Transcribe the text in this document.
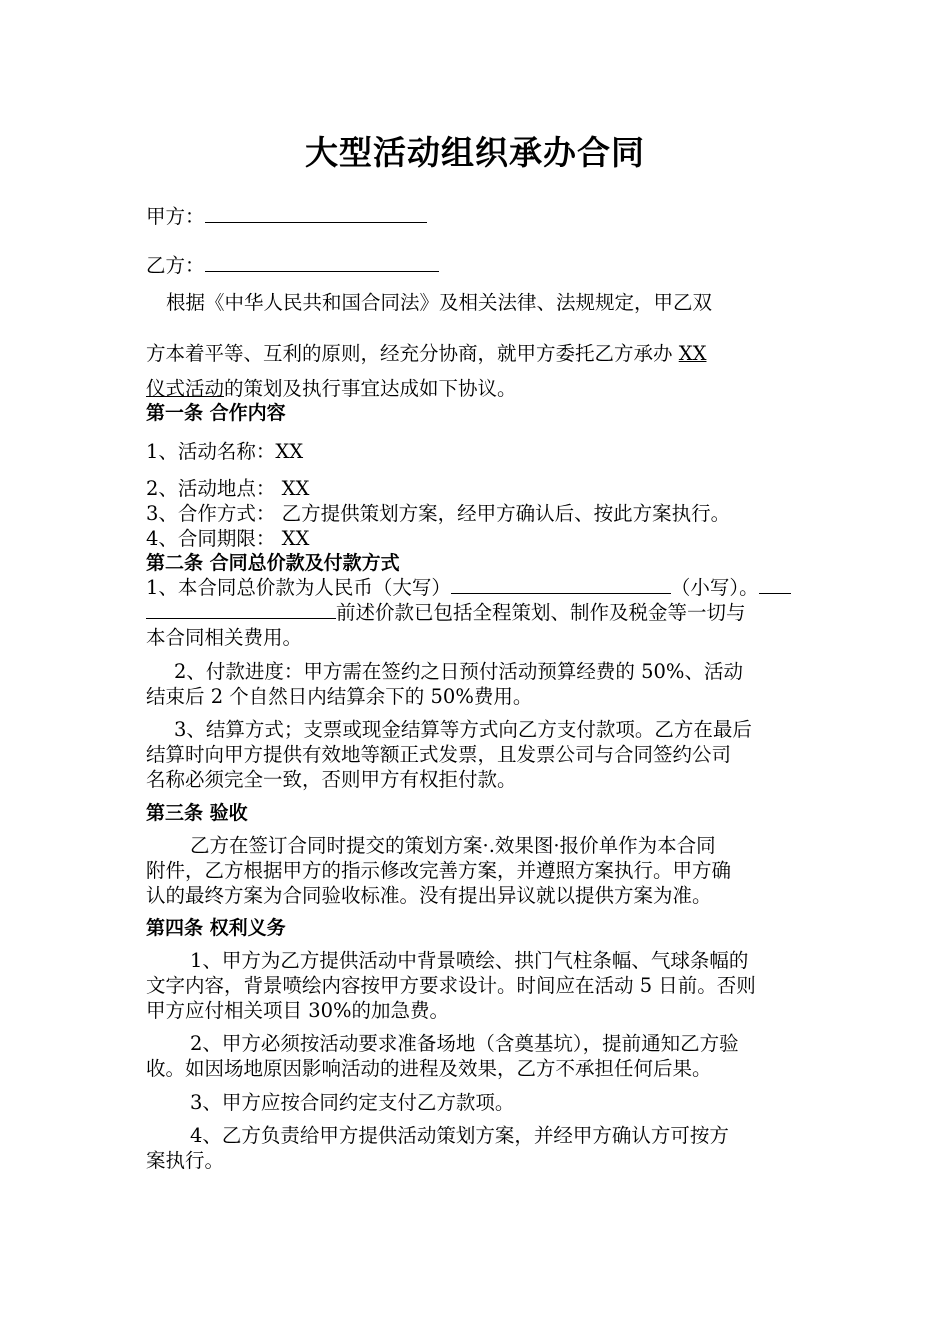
大型活动组织承办合同
甲方：
乙方：
根据《中华人民共和国合同法》及相关法律、法规规定，甲乙双
方本着平等、互利的原则，经充分协商，就甲方委托乙方承办 XX
仪式活动的策划及执行事宜达成如下协议。
第一条 合作内容
1、活动名称：XX
2、活动地点： XX
3、合作方式： 乙方提供策划方案，经甲方确认后、按此方案执行。
4、合同期限： XX
第二条 合同总价款及付款方式
1、本合同总价款为人民币（大写）	（小写）。
前述价款已包括全程策划、制作及税金等一切与
本合同相关费用。
2、付款进度：甲方需在签约之日预付活动预算经费的 50%、活动
结束后 2 个自然日内结算余下的 50%费用。
3、结算方式；支票或现金结算等方式向乙方支付款项。乙方在最后
结算时向甲方提供有效地等额正式发票，且发票公司与合同签约公司
名称必须完全一致，否则甲方有权拒付款。
第三条 验收
乙方在签订合同时提交的策划方案·.效果图·报价单作为本合同
附件，乙方根据甲方的指示修改完善方案，并遵照方案执行。甲方确
认的最终方案为合同验收标准。没有提出异议就以提供方案为准。
第四条 权利义务
1、甲方为乙方提供活动中背景喷绘、拱门气柱条幅、气球条幅的
文字内容，背景喷绘内容按甲方要求设计。时间应在活动 5 日前。否则
甲方应付相关项目 30%的加急费。
2、甲方必须按活动要求准备场地（含奠基坑），提前通知乙方验
收。如因场地原因影响活动的进程及效果，乙方不承担任何后果。
3、甲方应按合同约定支付乙方款项。
4、乙方负责给甲方提供活动策划方案，并经甲方确认方可按方
案执行。
